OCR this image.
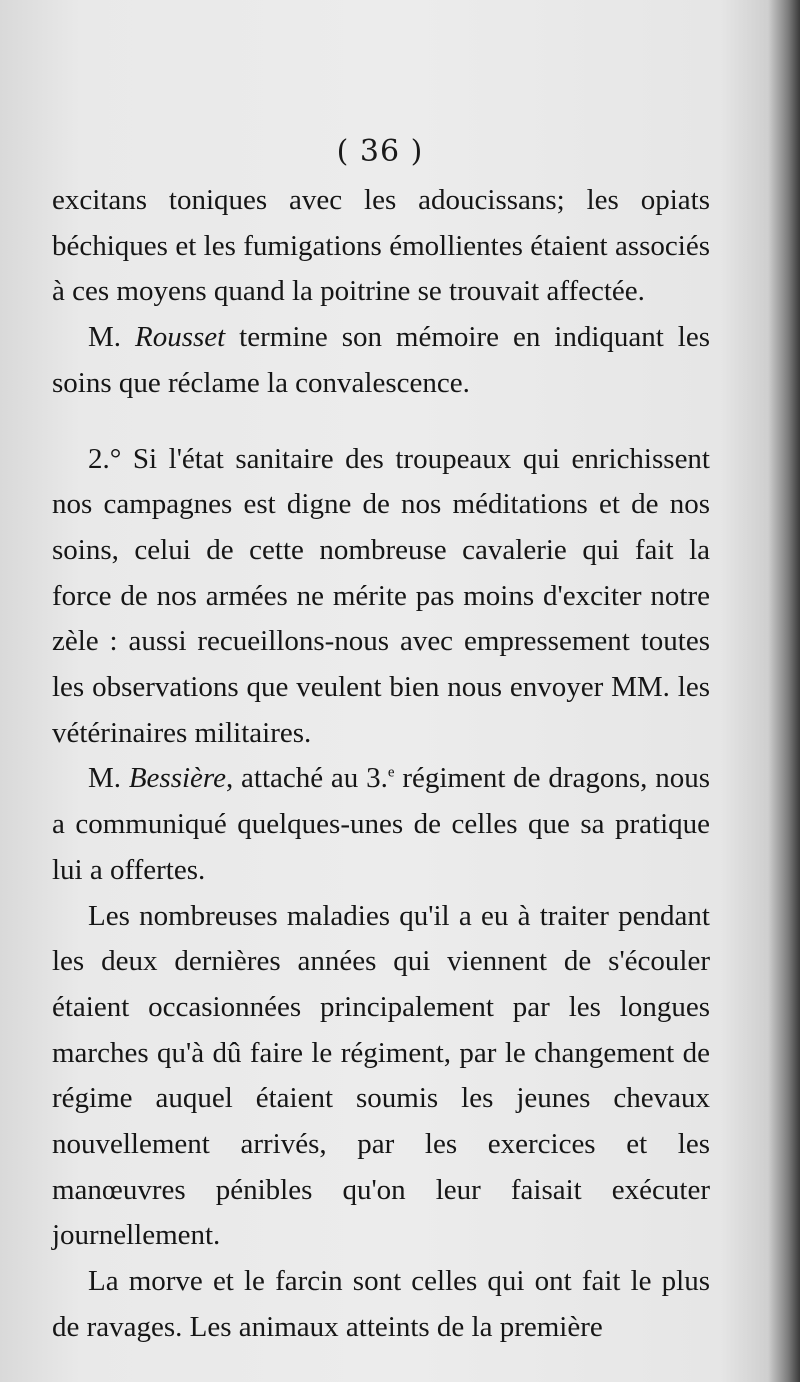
( 36 )

excitans toniques avec les adoucissans; les opiats béchiques et les fumigations émollientes étaient associés à ces moyens quand la poitrine se trouvait affectée.

M. Rousset termine son mémoire en indiquant les soins que réclame la convalescence.

2.° Si l'état sanitaire des troupeaux qui enrichissent nos campagnes est digne de nos méditations et de nos soins, celui de cette nombreuse cavalerie qui fait la force de nos armées ne mérite pas moins d'exciter notre zèle : aussi recueillons-nous avec empressement toutes les observations que veulent bien nous envoyer MM. les vétérinaires militaires.

M. Bessière, attaché au 3.$^e$ régiment de dragons, nous a communiqué quelques-unes de celles que sa pratique lui a offertes.

Les nombreuses maladies qu'il a eu à traiter pendant les deux dernières années qui viennent de s'écouler étaient occasionnées principalement par les longues marches qu'à dû faire le régiment, par le changement de régime auquel étaient soumis les jeunes chevaux nouvellement arrivés, par les exercices et les manœuvres pénibles qu'on leur faisait exécuter journellement.

La morve et le farcin sont celles qui ont fait le plus de ravages. Les animaux atteints de la première
